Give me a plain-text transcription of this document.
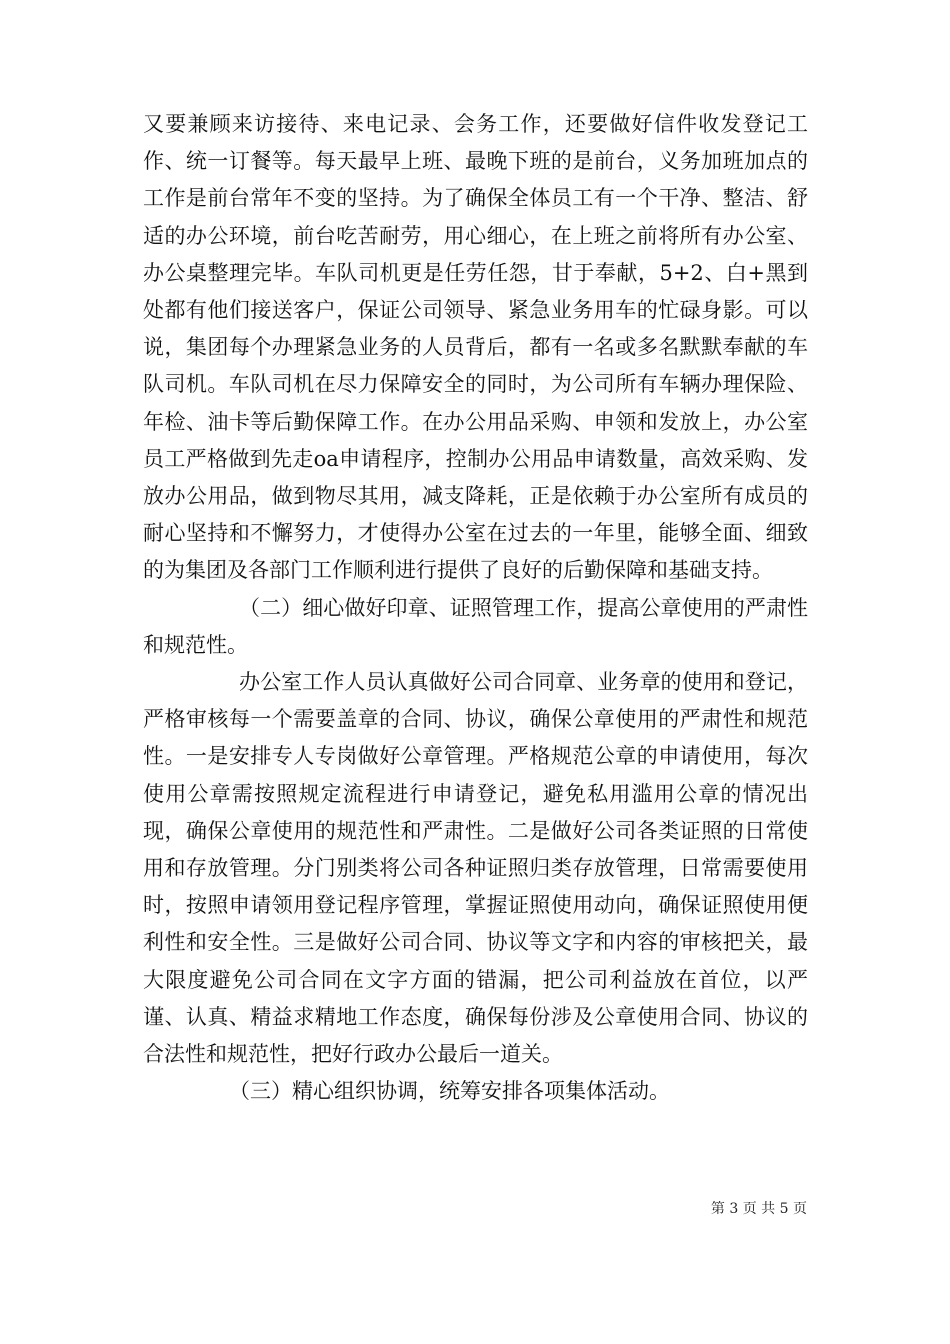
又要兼顾来访接待、来电记录、会务工作，还要做好信件收发登记工作、统一订餐等。每天最早上班、最晚下班的是前台，义务加班加点的工作是前台常年不变的坚持。为了确保全体员工有一个干净、整洁、舒适的办公环境，前台吃苦耐劳，用心细心，在上班之前将所有办公室、办公桌整理完毕。车队司机更是任劳任怨，甘于奉献，5+2、白+黑到处都有他们接送客户，保证公司领导、紧急业务用车的忙碌身影。可以说，集团每个办理紧急业务的人员背后，都有一名或多名默默奉献的车队司机。车队司机在尽力保障安全的同时，为公司所有车辆办理保险、年检、油卡等后勤保障工作。在办公用品采购、申领和发放上，办公室员工严格做到先走oa申请程序，控制办公用品申请数量，高效采购、发放办公用品，做到物尽其用，减支降耗，正是依赖于办公室所有成员的耐心坚持和不懈努力，才使得办公室在过去的一年里，能够全面、细致的为集团及各部门工作顺利进行提供了良好的后勤保障和基础支持。

（二）细心做好印章、证照管理工作，提高公章使用的严肃性和规范性。

办公室工作人员认真做好公司合同章、业务章的使用和登记，严格审核每一个需要盖章的合同、协议，确保公章使用的严肃性和规范性。一是安排专人专岗做好公章管理。严格规范公章的申请使用，每次使用公章需按照规定流程进行申请登记，避免私用滥用公章的情况出现，确保公章使用的规范性和严肃性。二是做好公司各类证照的日常使用和存放管理。分门别类将公司各种证照归类存放管理，日常需要使用时，按照申请领用登记程序管理，掌握证照使用动向，确保证照使用便利性和安全性。三是做好公司合同、协议等文字和内容的审核把关，最大限度避免公司合同在文字方面的错漏，把公司利益放在首位，以严谨、认真、精益求精地工作态度，确保每份涉及公章使用合同、协议的合法性和规范性，把好行政办公最后一道关。

（三）精心组织协调，统筹安排各项集体活动。

第 3 页 共 5 页
